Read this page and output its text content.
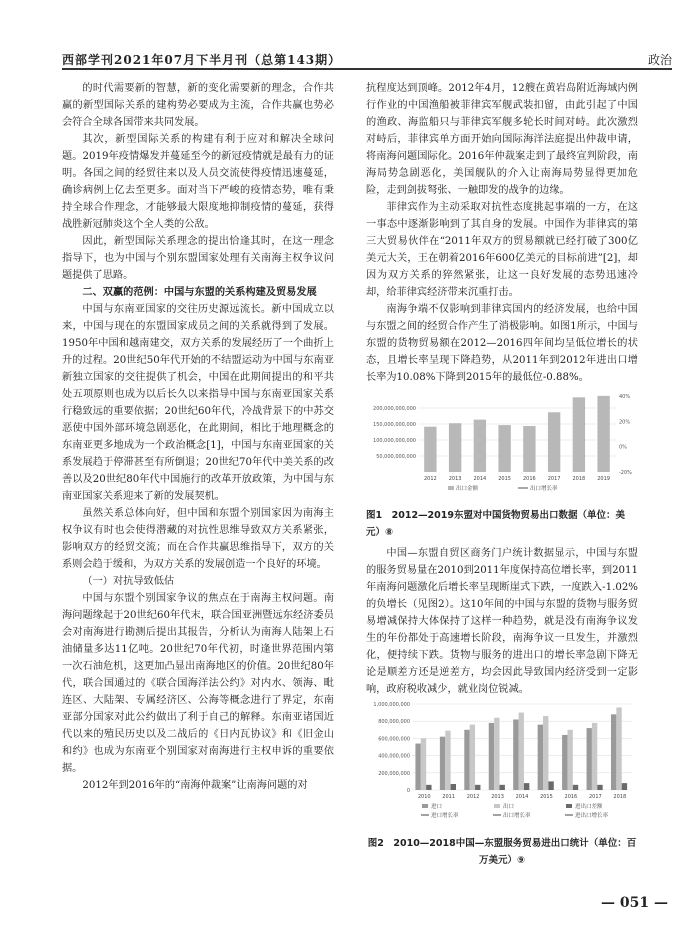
西部学刊2021年07月下半月刊（总第143期）	政治

的时代需要新的智慧，新的变化需要新的理念，合作共赢的新型国际关系的建构势必要成为主流，合作共赢也势必会符合全球各国带来共同发展。

其次，新型国际关系的构建有利于应对和解决全球问题。2019年疫情爆发并蔓延至今的新冠疫情就是最有力的证明。各国之间的经贸往来以及人员交流使得疫情迅速蔓延，确诊病例上亿去至更多。面对当下严峻的疫情态势，唯有秉持全球合作理念，才能够最大限度地抑制疫情的蔓延，获得战胜新冠肺炎这个全人类的公敌。

因此，新型国际关系理念的提出恰逢其时，在这一理念指导下，也为中国与个别东盟国家处理有关南海主权争议问题提供了思路。

二、双赢的范例：中国与东盟的关系构建及贸易发展

中国与东南亚国家的交往历史源远流长。新中国成立以来，中国与现在的东盟国家成员之间的关系就得到了发展。1950年中国和越南建交，双方关系的发展经历了一个曲折上升的过程。20世纪50年代开始的不结盟运动为中国与东南亚新独立国家的交往提供了机会，中国在此期间提出的和平共处五项原则也成为以后长久以来指导中国与东南亚国家关系行稳致远的重要依据；20世纪60年代，冷战背景下的中苏交恶使中国外部环境急剧恶化，在此期间，相比于地理概念的东南亚更多地成为一个政治概念[1]，中国与东南亚国家的关系发展趋于停滞甚至有所倒退；20世纪70年代中美关系的改善以及20世纪80年代中国施行的改革开放政策，为中国与东南亚国家关系迎来了新的发展契机。

虽然关系总体向好，但中国和东盟个别国家因为南海主权争议有时也会使得潜藏的对抗性思维导致双方关系紧张，影响双方的经贸交流；而在合作共赢思维指导下，双方的关系则会趋于缓和，为双方关系的发展创造一个良好的环境。

（一）对抗导致低估

中国与东盟个别国家争议的焦点在于南海主权问题。南海问题缘起于20世纪60年代末，联合国亚洲暨远东经济委员会对南海进行勘测后提出其报告，分析认为南海人陆架上石油储量多达11亿吨。20世纪70年代初，时逢世界范围内第一次石油危机，这更加凸显出南海地区的价值。20世纪80年代，联合国通过的《联合国海洋法公约》对内水、领海、毗连区、大陆架、专属经济区、公海等概念进行了界定，东南亚部分国家对此公约做出了利于自己的解释。东南亚诸国近代以来的殖民历史以及二战后的《日内瓦协议》和《旧金山和约》也成为东南亚个别国家对南海进行主权申诉的重要依据。

2012年到2016年的“南海仲裁案”让南海问题的对

抗程度达到顶峰。2012年4月，12艘在黄岩岛附近海域内例行作业的中国渔船被菲律宾军舰武装扣留，由此引起了中国的渔政、海监船只与菲律宾军舰多轮长时间对峙。此次激烈对峙后，菲律宾单方面开始向国际海洋法庭提出仲裁申请，将南海问题国际化。2016年仲裁案走到了最终宣判阶段，南海局势急剧恶化，美国舰队的介入让南海局势显得更加危险，走到剑拔弩张、一触即发的战争的边缘。

菲律宾作为主动采取对抗性态度挑起事端的一方，在这一事态中逐渐影响到了其自身的发展。中国作为菲律宾的第三大贸易伙伴在“2011年双方的贸易额就已经打破了300亿美元大关，王在朝着2016年600亿美元的目标前进”[2]，却因为双方关系的猝然紧张，让这一良好发展的态势迅速冷却，给菲律宾经济带来沉重打击。

南海争端不仅影响到菲律宾国内的经济发展，也给中国与东盟之间的经贸合作产生了消极影响。如图1所示，中国与东盟的货物贸易额在2012—2016四年间均呈低位增长的状态，且增长率呈现下降趋势，从2011年到2012年进出口增长率为10.08%下降到2015年的最低位-0.88%。

50,000,000,000
100,000,000,000
150,000,000,000
200,000,000,000
40%
20%
0%
-20%
2012 2013 2014 2015 2016 2017 2018 2019
出口金额	出口增长率
图1　2012—2019东盟对中国货物贸易出口数据（单位：美元）⑧

中国—东盟自贸区商务门户统计数据显示，中国与东盟的服务贸易量在2010到2011年度保持高位增长率，到2011年南海问题激化后增长率呈现断崖式下跌，一度跌入-1.02%的负增长（见图2）。这10年间的中国与东盟的货物与服务贸易增减保持大体保持了这样一种趋势，就是没有南海争议发生的年份都处于高速增长阶段，南海争议一旦发生，并激烈化，便持续下跌。货物与服务的进出口的增长率急剧下降无论是顺差方还是逆差方，均会因此导致国内经济受到一定影响，政府税收减少，就业岗位锐减。

1,000,000,000
800,000,000
600,000,000
400,000,000
200,000,000
0
2010 2011 2012 2013 2014 2015 2016 2017 2018
进口	出口	进出口差额
进口增长率	出口增长率	进出口增长率
图2　2010—2018中国—东盟服务贸易进出口统计（单位：百万美元）⑨
— 051 —
